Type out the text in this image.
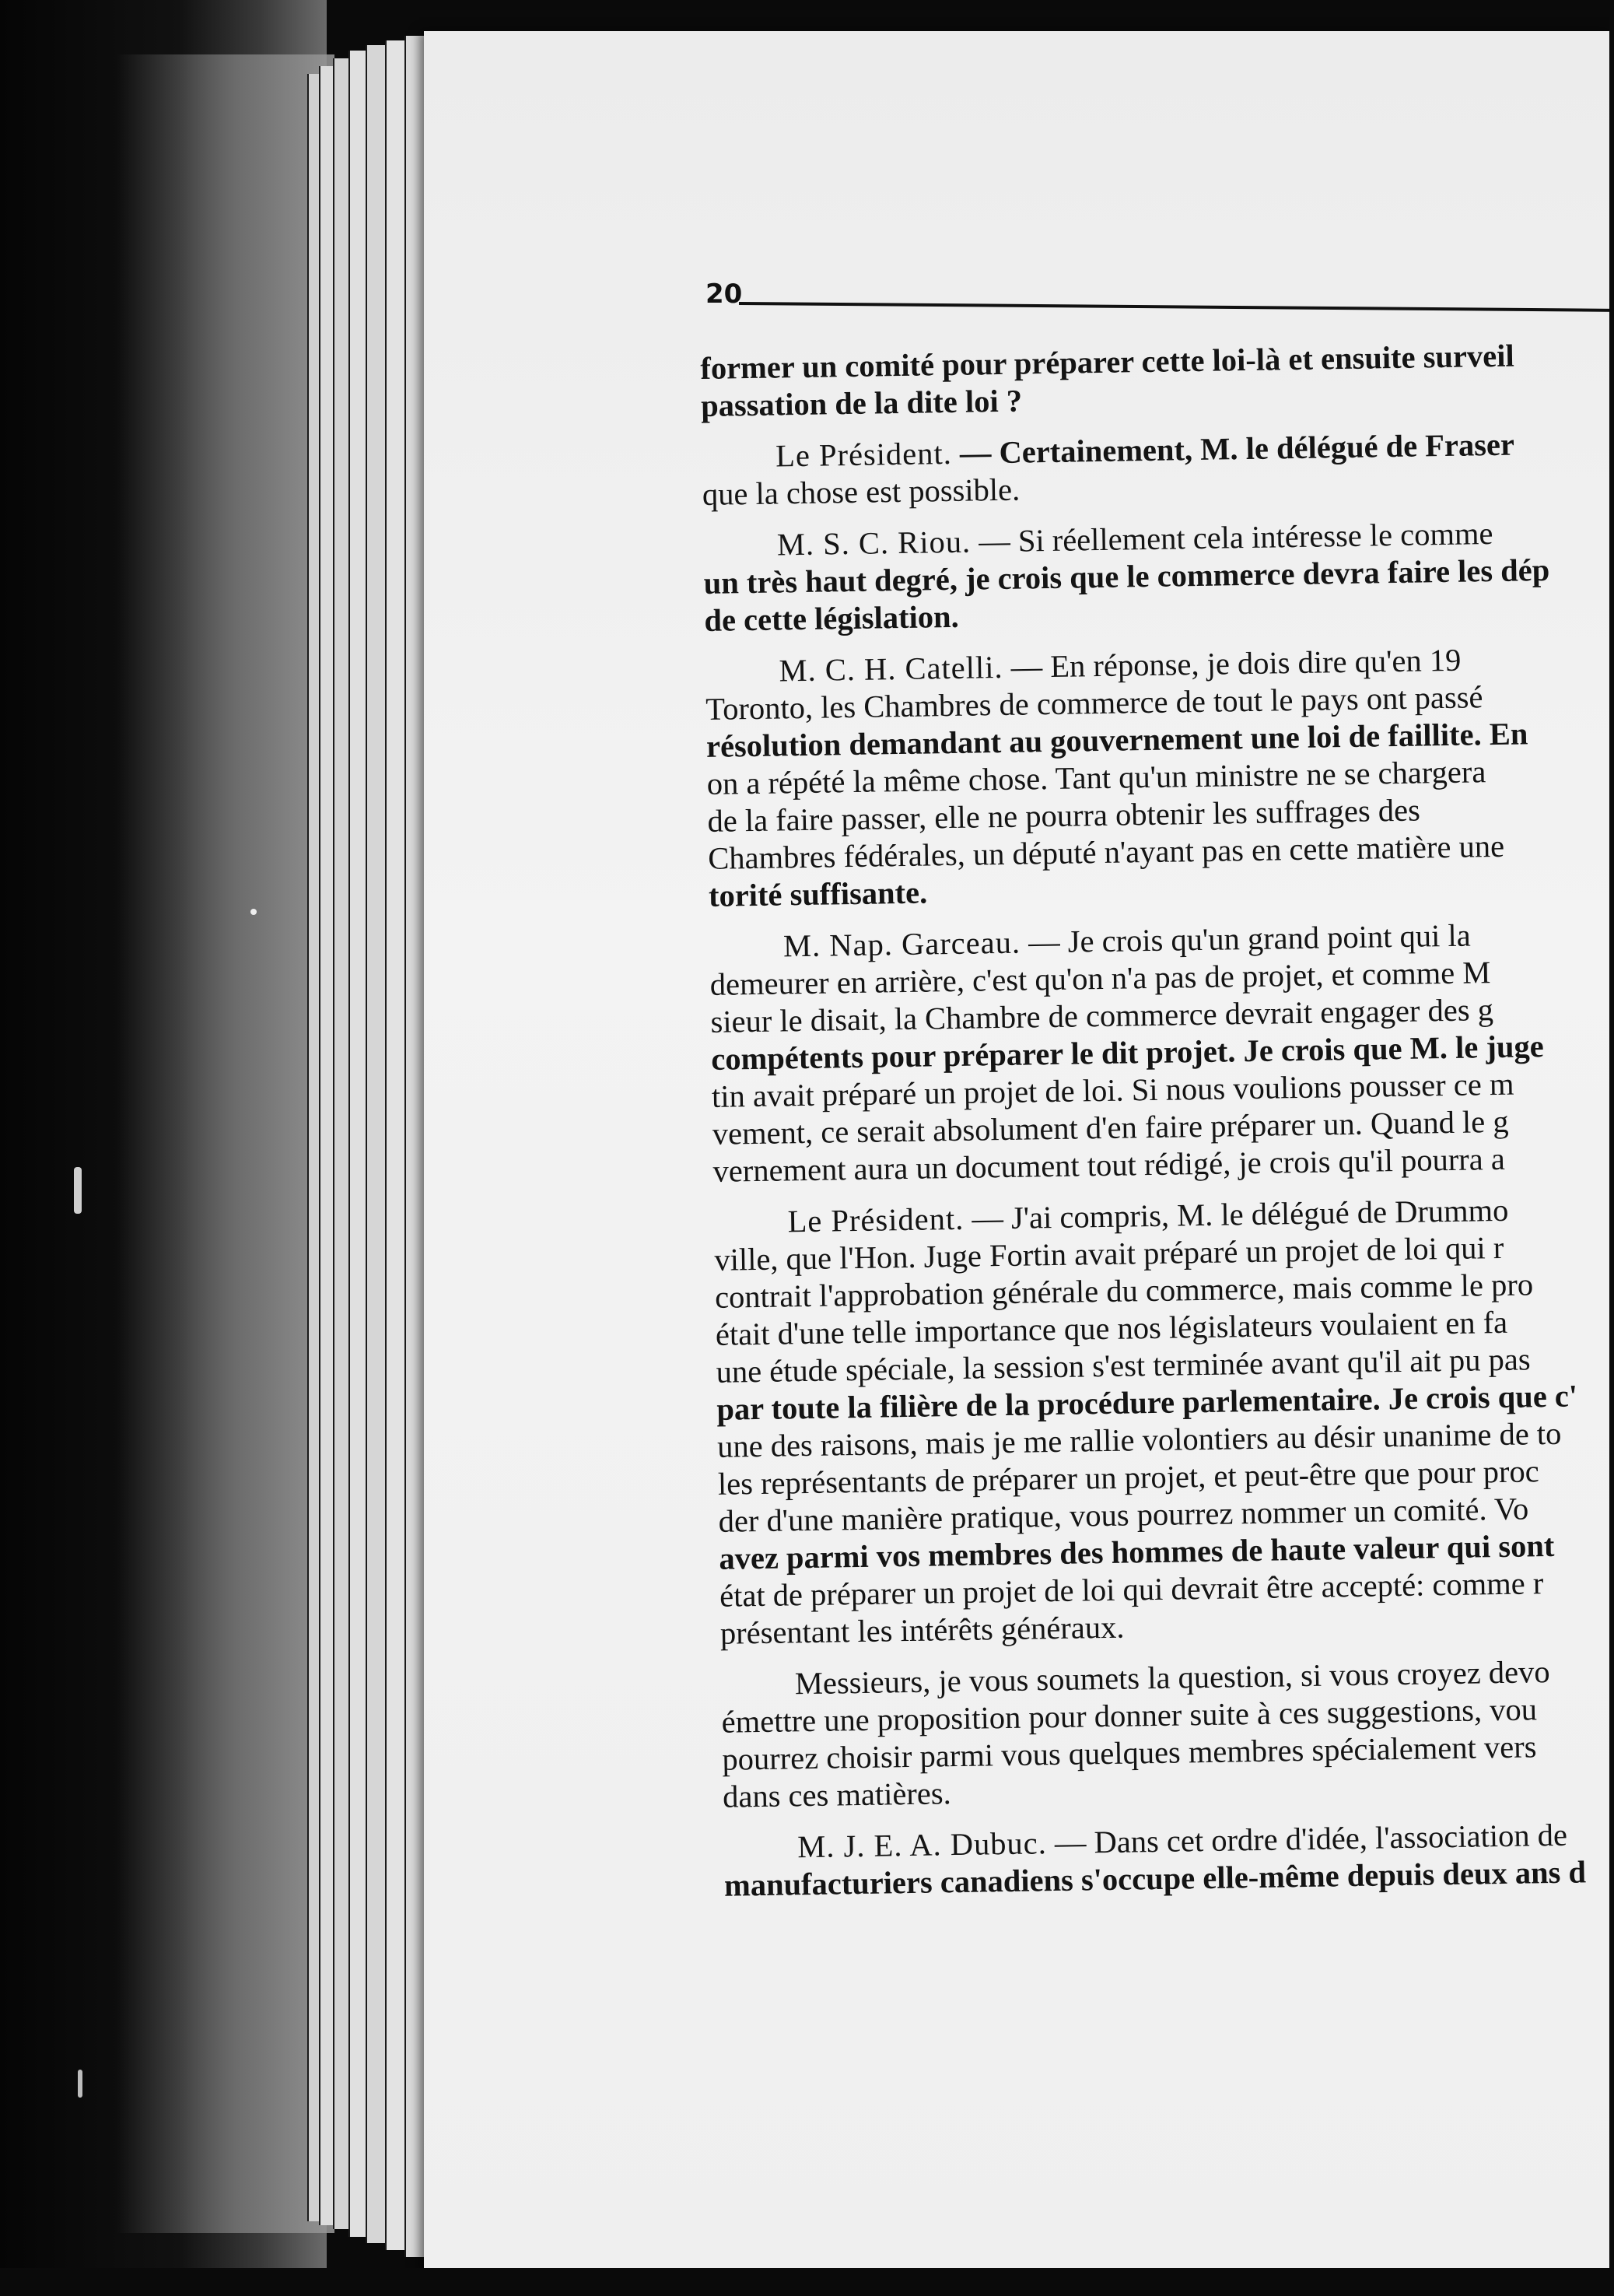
20
former un comité pour préparer cette loi-là et ensuite surveil
passation de la dite loi ?
Le Président. — Certainement, M. le délégué de Fraser
que la chose est possible.
M. S. C. Riou. — Si réellement cela intéresse le comme
un très haut degré, je crois que le commerce devra faire les dép
de cette législation.
M. C. H. Catelli. — En réponse, je dois dire qu'en 19
Toronto, les Chambres de commerce de tout le pays ont passé
résolution demandant au gouvernement une loi de faillite. En
on a répété la même chose. Tant qu'un ministre ne se chargera
de la faire passer, elle ne pourra obtenir les suffrages des
Chambres fédérales, un député n'ayant pas en cette matière une
torité suffisante.
M. Nap. Garceau. — Je crois qu'un grand point qui la
demeurer en arrière, c'est qu'on n'a pas de projet, et comme M
sieur le disait, la Chambre de commerce devrait engager des g
compétents pour préparer le dit projet. Je crois que M. le juge
tin avait préparé un projet de loi. Si nous voulions pousser ce m
vement, ce serait absolument d'en faire préparer un. Quand le g
vernement aura un document tout rédigé, je crois qu'il pourra a
Le Président. — J'ai compris, M. le délégué de Drummo
ville, que l'Hon. Juge Fortin avait préparé un projet de loi qui r
contrait l'approbation générale du commerce, mais comme le pro
était d'une telle importance que nos législateurs voulaient en fa
une étude spéciale, la session s'est terminée avant qu'il ait pu pas
par toute la filière de la procédure parlementaire. Je crois que c'
une des raisons, mais je me rallie volontiers au désir unanime de to
les représentants de préparer un projet, et peut-être que pour proc
der d'une manière pratique, vous pourrez nommer un comité. Vo
avez parmi vos membres des hommes de haute valeur qui sont
état de préparer un projet de loi qui devrait être accepté: comme r
présentant les intérêts généraux.
Messieurs, je vous soumets la question, si vous croyez devo
émettre une proposition pour donner suite à ces suggestions, vou
pourrez choisir parmi vous quelques membres spécialement vers
dans ces matières.
M. J. E. A. Dubuc. — Dans cet ordre d'idée, l'association de
manufacturiers canadiens s'occupe elle-même depuis deux ans d
